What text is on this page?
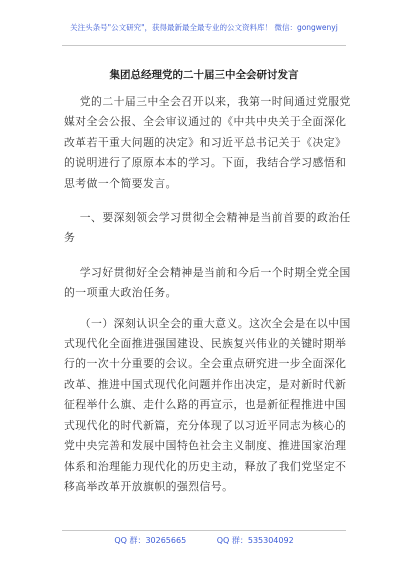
关注头条号"公文研究"，获得最新最全最专业的公文资料库！ 微信：gongwenyj
集团总经理党的二十届三中全会研讨发言

党的二十届三中全会召开以来，我第一时间通过党服党

媒对全会公报、全会审议通过的《中共中央关于全面深化

改革若干重大问题的决定》和习近平总书记关于《决定》

的说明进行了原原本本的学习。下面，我结合学习感悟和

思考做一个简要发言。

一、要深刻领会学习贯彻全会精神是当前首要的政治任

务

学习好贯彻好全会精神是当前和今后一个时期全党全国

的一项重大政治任务。

（一）深刻认识全会的重大意义。这次全会是在以中国

式现代化全面推进强国建设、民族复兴伟业的关键时期举

行的一次十分重要的会议。全会重点研究进一步全面深化

改革、推进中国式现代化问题并作出决定，是对新时代新

征程举什么旗、走什么路的再宣示，也是新征程推进中国

式现代化的时代新篇，充分体现了以习近平同志为核心的

党中央完善和发展中国特色社会主义制度、推进国家治理

体系和治理能力现代化的历史主动，释放了我们党坚定不

移高举改革开放旗帜的强烈信号。

QQ 群：30265665	QQ 群：535304092
